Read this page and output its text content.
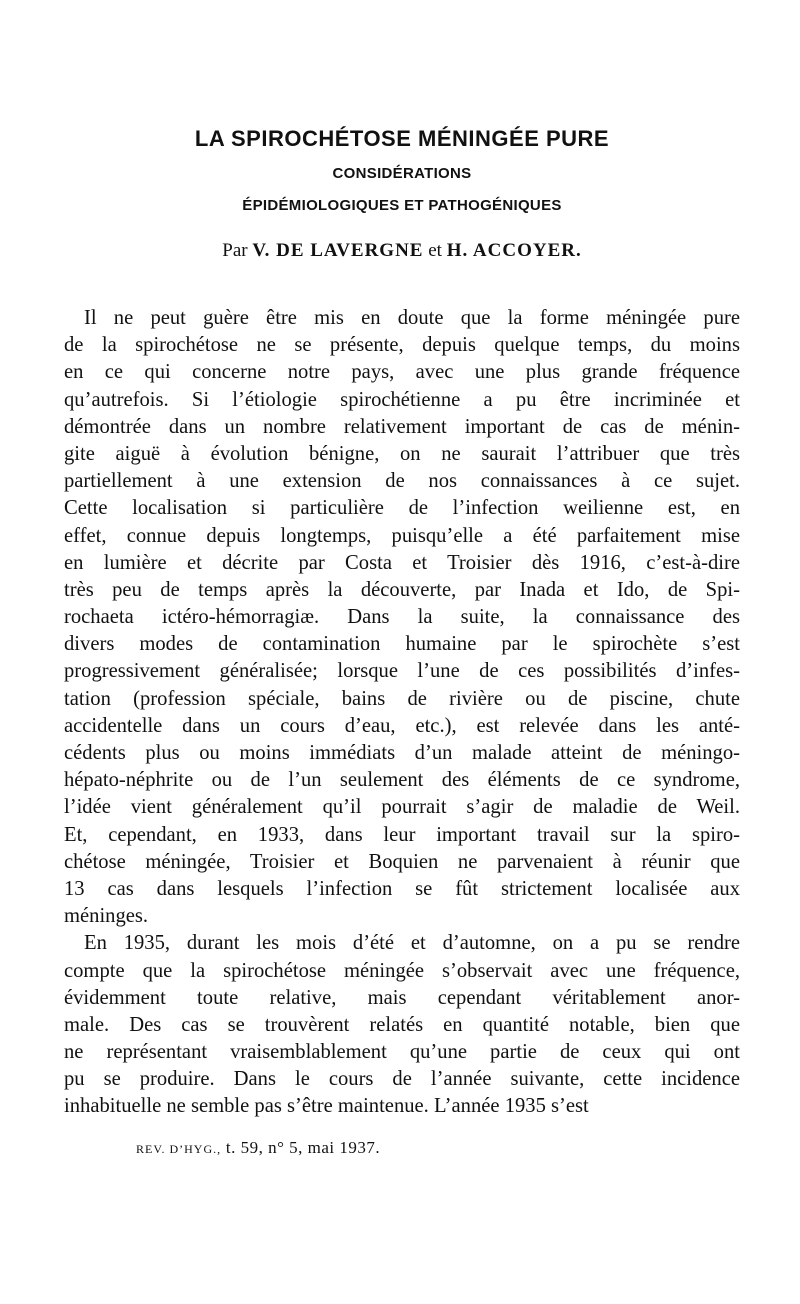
LA SPIROCHÉTOSE MÉNINGÉE PURE
CONSIDÉRATIONS
ÉPIDÉMIOLOGIQUES ET PATHOGÉNIQUES
Par V. DE LAVERGNE et H. ACCOYER.
Il ne peut guère être mis en doute que la forme méningée pure
de la spirochétose ne se présente, depuis quelque temps, du moins
en ce qui concerne notre pays, avec une plus grande fréquence
qu’autrefois. Si l’étiologie spirochétienne a pu être incriminée et
démontrée dans un nombre relativement important de cas de ménin-
gite aiguë à évolution bénigne, on ne saurait l’attribuer que très
partiellement à une extension de nos connaissances à ce sujet.
Cette localisation si particulière de l’infection weilienne est, en
effet, connue depuis longtemps, puisqu’elle a été parfaitement mise
en lumière et décrite par Costa et Troisier dès 1916, c’est-à-dire
très peu de temps après la découverte, par Inada et Ido, de Spi-
rochaeta ictéro-hémorragiæ. Dans la suite, la connaissance des
divers modes de contamination humaine par le spirochète s’est
progressivement généralisée; lorsque l’une de ces possibilités d’infes-
tation (profession spéciale, bains de rivière ou de piscine, chute
accidentelle dans un cours d’eau, etc.), est relevée dans les anté-
cédents plus ou moins immédiats d’un malade atteint de méningo-
hépato-néphrite ou de l’un seulement des éléments de ce syndrome,
l’idée vient généralement qu’il pourrait s’agir de maladie de Weil.
Et, cependant, en 1933, dans leur important travail sur la spiro-
chétose méningée, Troisier et Boquien ne parvenaient à réunir que
13 cas dans lesquels l’infection se fût strictement localisée aux
méninges.
En 1935, durant les mois d’été et d’automne, on a pu se rendre
compte que la spirochétose méningée s’observait avec une fréquence,
évidemment toute relative, mais cependant véritablement anor-
male. Des cas se trouvèrent relatés en quantité notable, bien que
ne représentant vraisemblablement qu’une partie de ceux qui ont
pu se produire. Dans le cours de l’année suivante, cette incidence
inhabituelle ne semble pas s’être maintenue. L’année 1935 s’est
REV. D’HYG., t. 59, n° 5, mai 1937.
